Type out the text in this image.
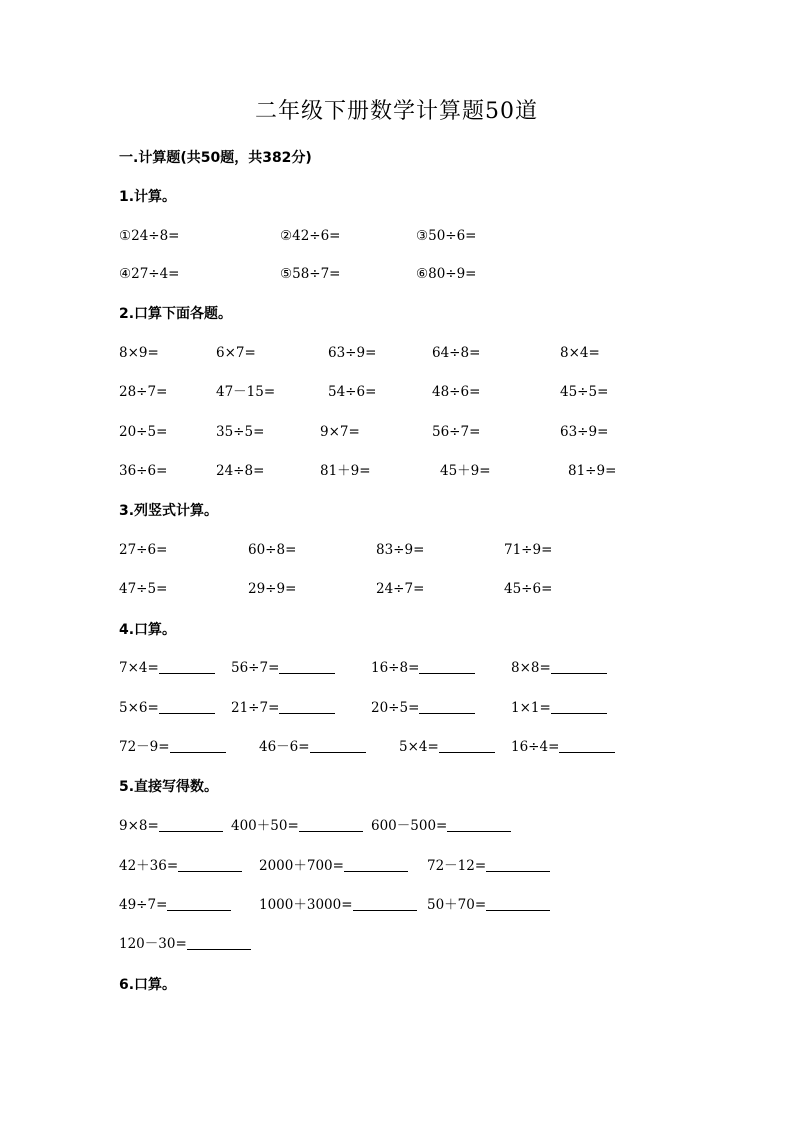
二年级下册数学计算题50道
一.计算题(共50题，共382分)
1.计算。
①24÷8=	②42÷6=	③50÷6=
④27÷4=	⑤58÷7=	⑥80÷9=
2.口算下面各题。
8×9=	6×7=	63÷9=	64÷8=	8×4=
28÷7=	47－15=	54÷6=	48÷6=	45÷5=
20÷5=	35÷5=	9×7=	56÷7=	63÷9=
36÷6=	24÷8=	81＋9=	45＋9=	81÷9=
3.列竖式计算。
27÷6=	60÷8=	83÷9=	71÷9=
47÷5=	29÷9=	24÷7=	45÷6=
4.口算。
7×4=	56÷7=	16÷8=	8×8=
5×6=	21÷7=	20÷5=	1×1=
72－9=	46－6=	5×4=	16÷4=
5.直接写得数。
9×8=	400＋50=	600－500=
42＋36=	2000＋700=	72－12=
49÷7=	1000＋3000=	50＋70=
120－30=
6.口算。
